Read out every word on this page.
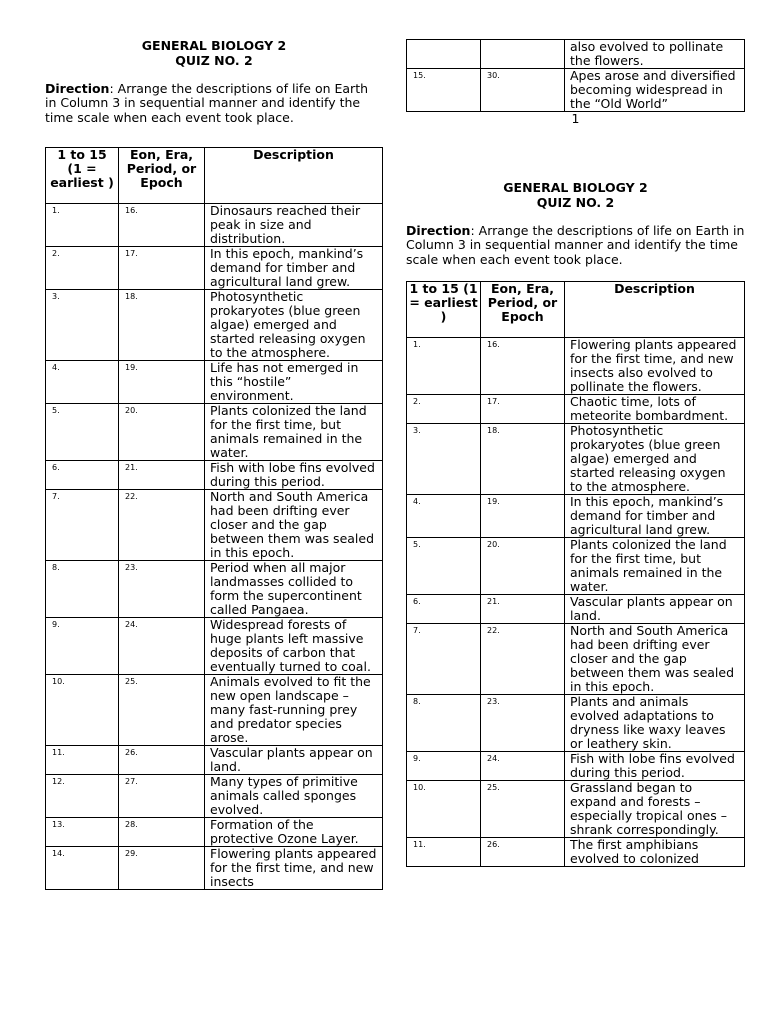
GENERAL BIOLOGY 2

QUIZ NO. 2

Direction: Arrange the descriptions of life on Earth in Column 3 in sequential manner and identify the time scale when each event took place.

1 to 15 (1 = earliest )	Eon, Era, Period, or Epoch	Description
1.	16.	Dinosaurs reached their peak in size and distribution.
2.	17.	In this epoch, mankind’s demand for timber and agricultural land grew.
3.	18.	Photosynthetic prokaryotes (blue green algae) emerged and started releasing oxygen to the atmosphere.
4.	19.	Life has not emerged in this “hostile” environment.
5.	20.	Plants colonized the land for the first time, but animals remained in the water.
6.	21.	Fish with lobe fins evolved during this period.
7.	22.	North and South America had been drifting ever closer and the gap between them was sealed in this epoch.
8.	23.	Period when all major landmasses collided to form the supercontinent called Pangaea.
9.	24.	Widespread forests of huge plants left massive deposits of carbon that eventually turned to coal.
10.	25.	Animals evolved to fit the new open landscape – many fast-running prey and predator species arose.
11.	26.	Vascular plants appear on land.
12.	27.	Many types of primitive animals called sponges evolved.
13.	28.	Formation of the protective Ozone Layer.
14.	29.	Flowering plants appeared for the first time, and new insects
		also evolved to pollinate the flowers.
15.	30.	Apes arose and diversified becoming widespread in the “Old World”
1

GENERAL BIOLOGY 2

QUIZ NO. 2

Direction: Arrange the descriptions of life on Earth in Column 3 in sequential manner and identify the time scale when each event took place.

1 to 15 (1 = earliest )	Eon, Era, Period, or Epoch	Description
1.	16.	Flowering plants appeared for the first time, and new insects also evolved to pollinate the flowers.
2.	17.	Chaotic time, lots of meteorite bombardment.
3.	18.	Photosynthetic prokaryotes (blue green algae) emerged and started releasing oxygen to the atmosphere.
4.	19.	In this epoch, mankind’s demand for timber and agricultural land grew.
5.	20.	Plants colonized the land for the first time, but animals remained in the water.
6.	21.	Vascular plants appear on land.
7.	22.	North and South America had been drifting ever closer and the gap between them was sealed in this epoch.
8.	23.	Plants and animals evolved adaptations to dryness like waxy leaves or leathery skin.
9.	24.	Fish with lobe fins evolved during this period.
10.	25.	Grassland began to expand and forests – especially tropical ones – shrank correspondingly.
11.	26.	The first amphibians evolved to colonized
